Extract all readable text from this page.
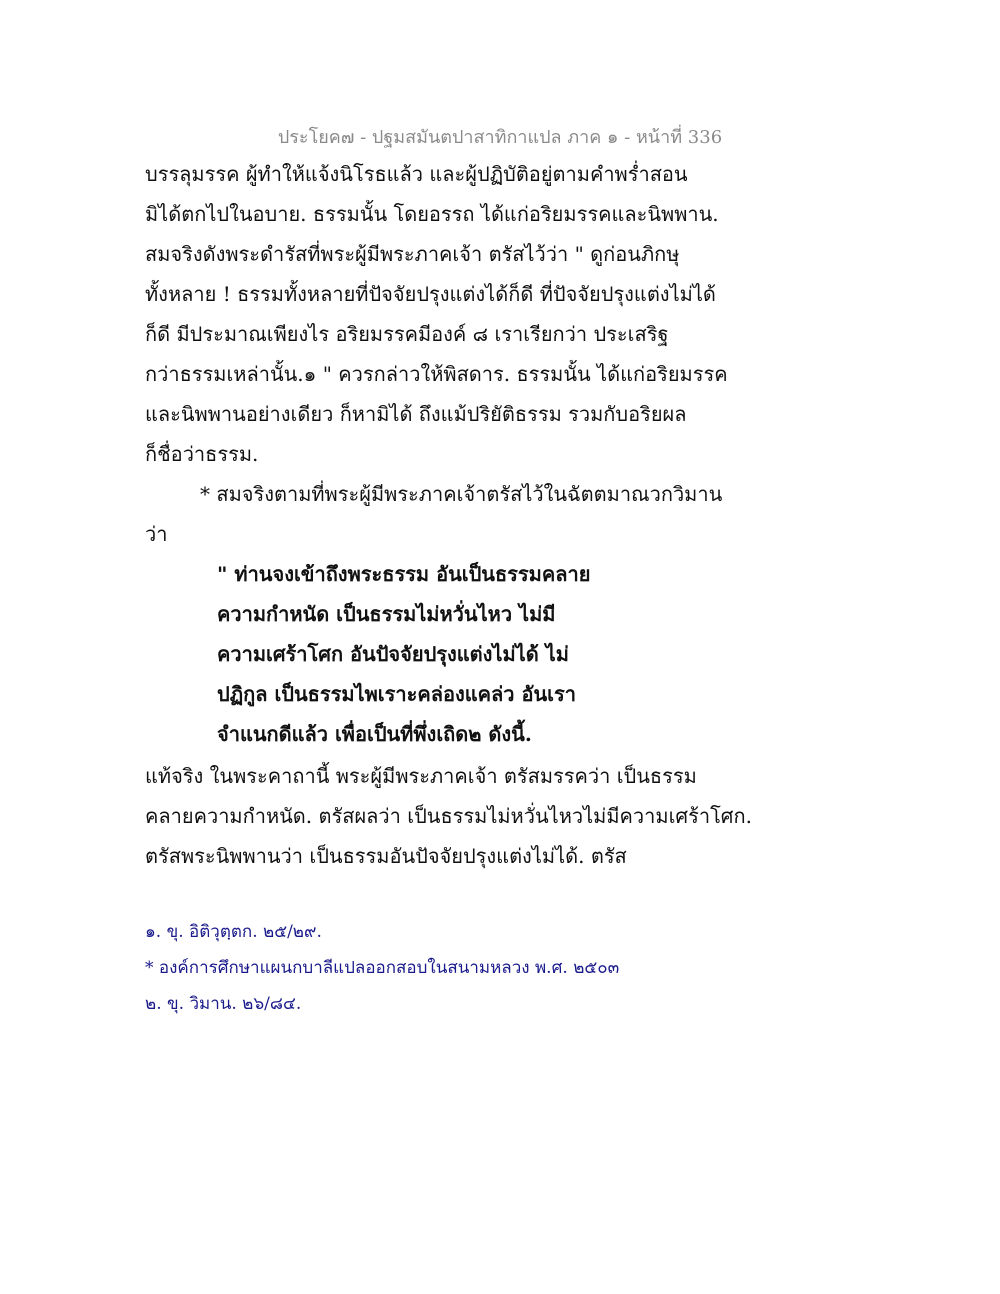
ประโยค๗ - ปฐมสมันตปาสาทิกาแปล ภาค ๑ - หน้าที่ 336
บรรลุมรรค ผู้ทำให้แจ้งนิโรธแล้ว และผู้ปฏิบัติอยู่ตามคำพร่ำสอน
มิได้ตกไปในอบาย. ธรรมนั้น โดยอรรถ ได้แก่อริยมรรคและนิพพาน.
สมจริงดังพระดำรัสที่พระผู้มีพระภาคเจ้า ตรัสไว้ว่า " ดูก่อนภิกษุ
ทั้งหลาย ! ธรรมทั้งหลายที่ปัจจัยปรุงแต่งได้ก็ดี ที่ปัจจัยปรุงแต่งไม่ได้
ก็ดี มีประมาณเพียงไร อริยมรรคมีองค์ ๘ เราเรียกว่า ประเสริฐ
กว่าธรรมเหล่านั้น.๑ " ควรกล่าวให้พิสดาร. ธรรมนั้น ได้แก่อริยมรรค
และนิพพานอย่างเดียว ก็หามิได้ ถึงแม้ปริยัติธรรม รวมกับอริยผล
ก็ชื่อว่าธรรม.
* สมจริงตามที่พระผู้มีพระภาคเจ้าตรัสไว้ในฉัตตมาณวกวิมาน
ว่า
" ท่านจงเข้าถึงพระธรรม อันเป็นธรรมคลาย
ความกำหนัด เป็นธรรมไม่หวั่นไหว ไม่มี
ความเศร้าโศก อันปัจจัยปรุงแต่งไม่ได้ ไม่
ปฏิกูล เป็นธรรมไพเราะคล่องแคล่ว อันเรา
จำแนกดีแล้ว เพื่อเป็นที่พึ่งเถิด๒ ดังนี้.
แท้จริง ในพระคาถานี้ พระผู้มีพระภาคเจ้า ตรัสมรรคว่า เป็นธรรม
คลายความกำหนัด. ตรัสผลว่า เป็นธรรมไม่หวั่นไหวไม่มีความเศร้าโศก.
ตรัสพระนิพพานว่า เป็นธรรมอันปัจจัยปรุงแต่งไม่ได้. ตรัส
๑. ขุ. อิติวุตฺตก. ๒๕/๒๙.
* องค์การศึกษาแผนกบาลีแปลออกสอบในสนามหลวง พ.ศ. ๒๕๐๓
๒. ขุ. วิมาน. ๒๖/๘๔.
